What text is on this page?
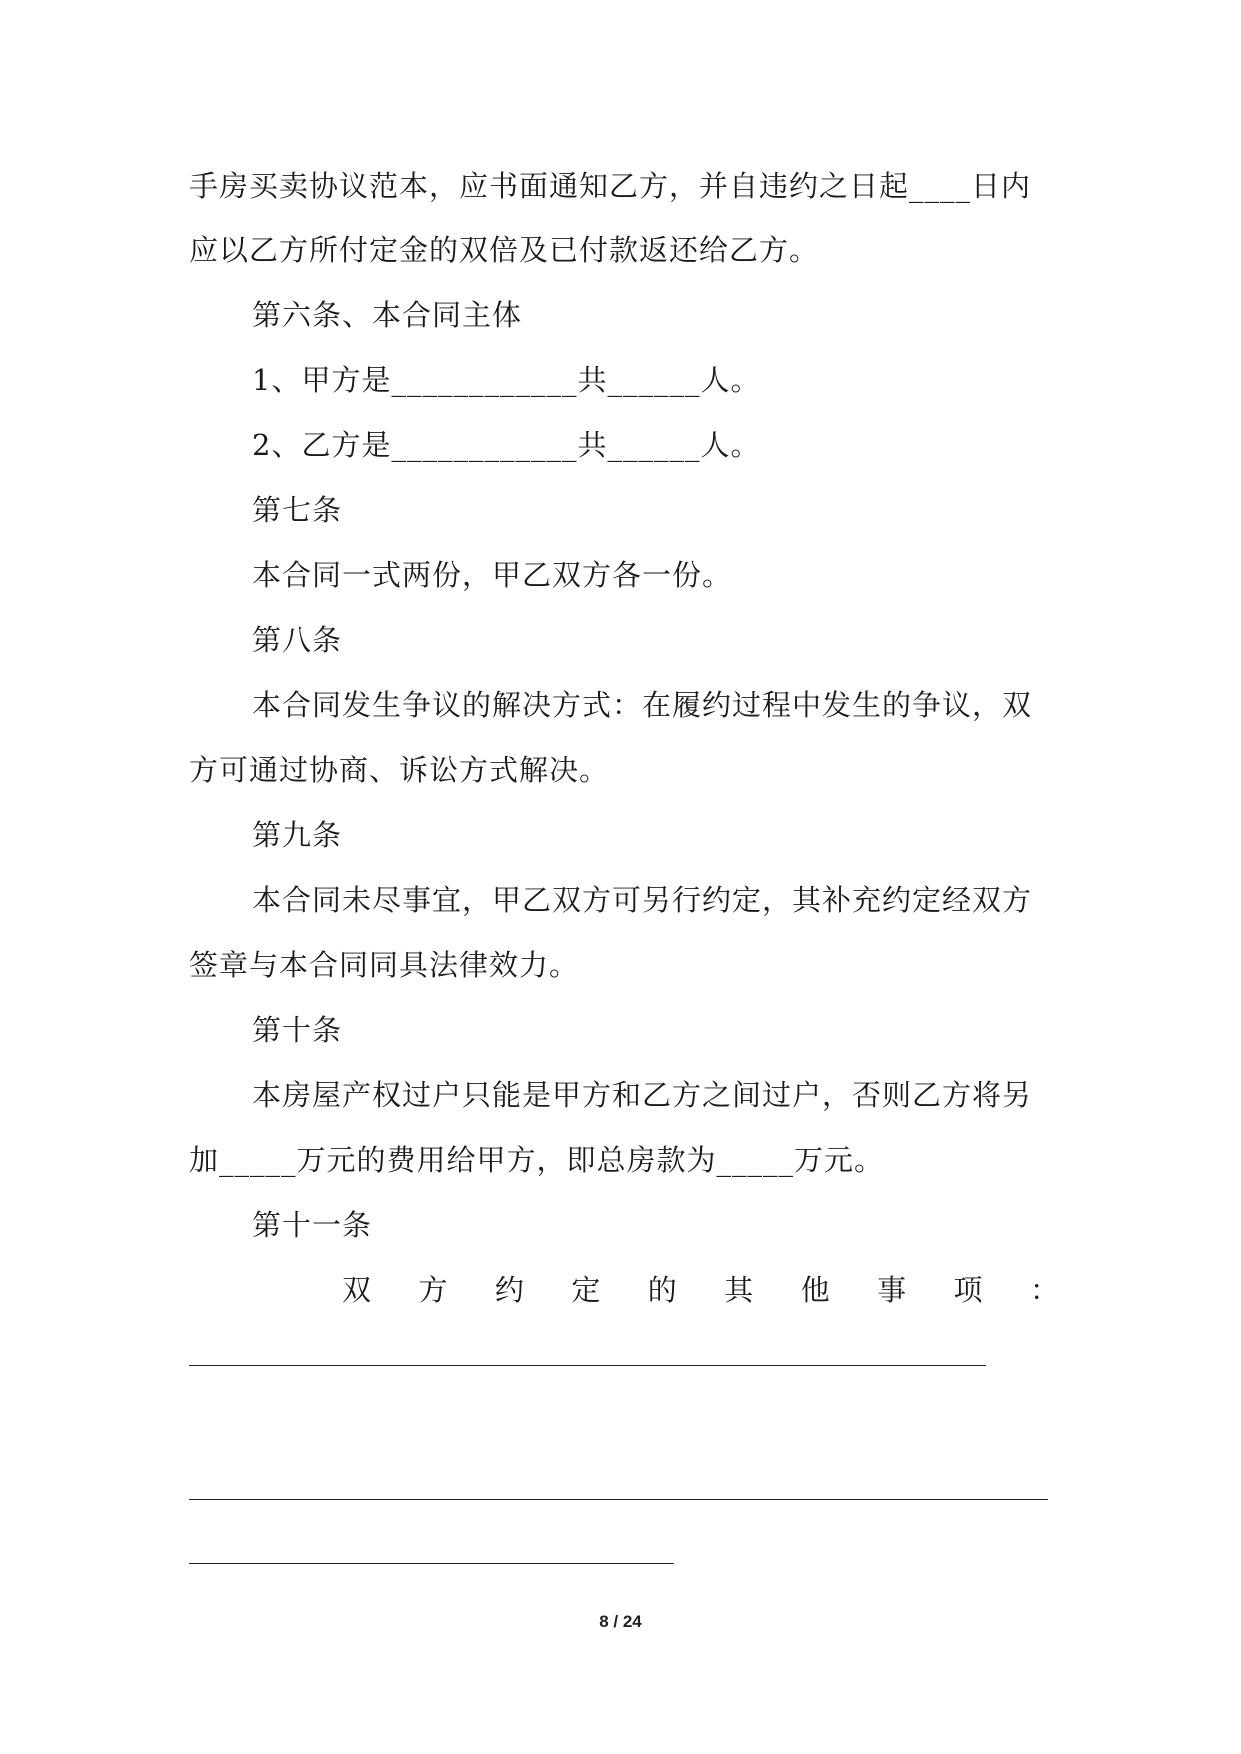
手房买卖协议范本，应书面通知乙方，并自违约之日起____日内
应以乙方所付定金的双倍及已付款返还给乙方。
第六条、本合同主体
1、甲方是____________共______人。
2、乙方是____________共______人。
第七条
本合同一式两份，甲乙双方各一份。
第八条
本合同发生争议的解决方式：在履约过程中发生的争议，双
方可通过协商、诉讼方式解决。
第九条
本合同未尽事宜，甲乙双方可另行约定，其补充约定经双方
签章与本合同同具法律效力。
第十条
本房屋产权过户只能是甲方和乙方之间过户，否则乙方将另
加_____万元的费用给甲方，即总房款为_____万元。
第十一条
双 方 约 定 的 其 他 事 项 ：
8 / 24
